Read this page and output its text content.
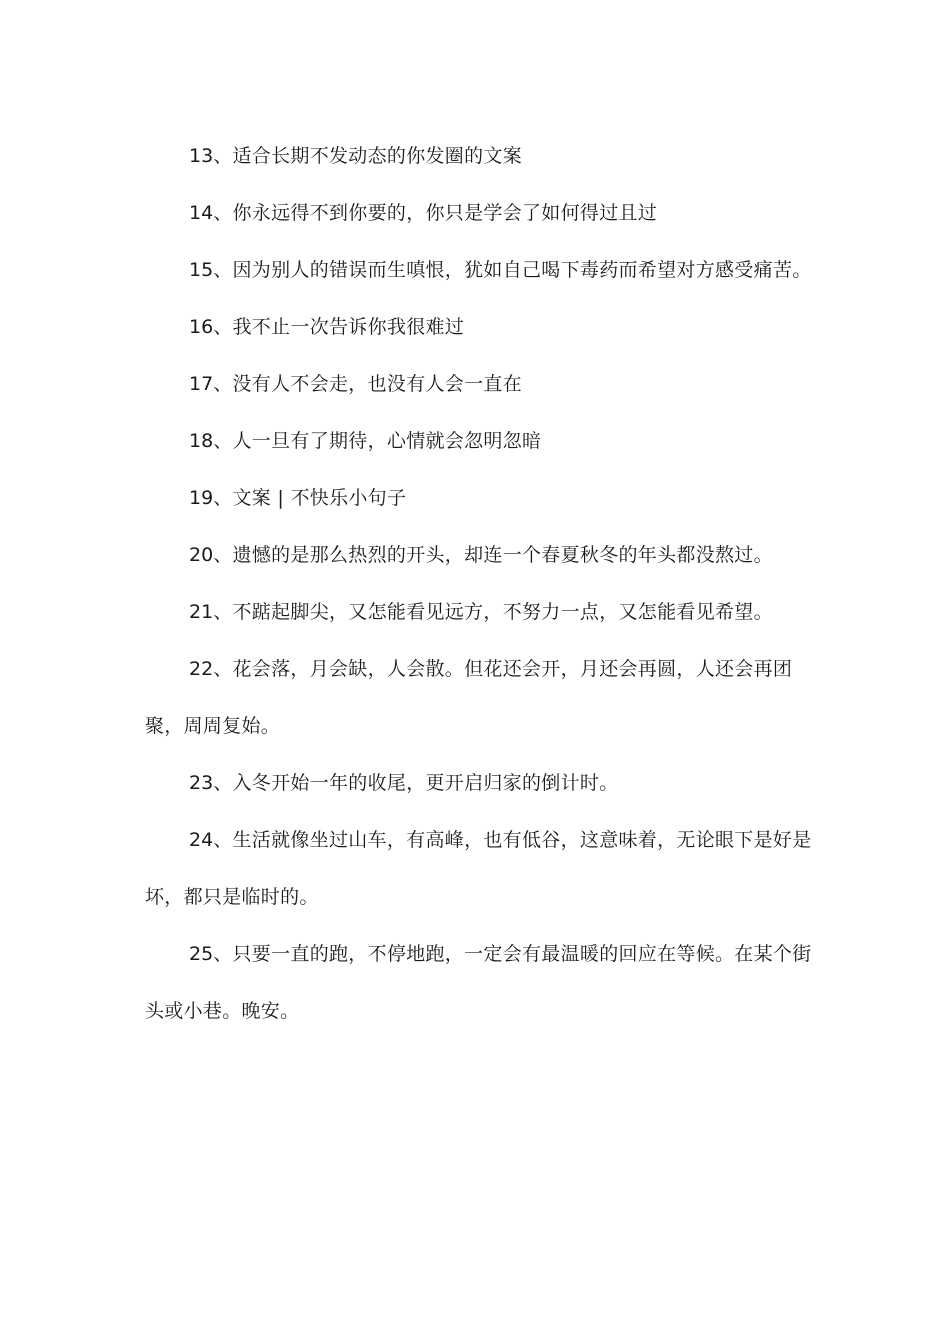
13、适合长期不发动态的你发圈的文案

14、你永远得不到你要的，你只是学会了如何得过且过

15、因为别人的错误而生嗔恨，犹如自己喝下毒药而希望对方感受痛苦。

16、我不止一次告诉你我很难过

17、没有人不会走，也没有人会一直在

18、人一旦有了期待，心情就会忽明忽暗

19、文案 | 不快乐小句子

20、遗憾的是那么热烈的开头，却连一个春夏秋冬的年头都没熬过。

21、不踮起脚尖，又怎能看见远方，不努力一点，又怎能看见希望。

22、花会落，月会缺，人会散。但花还会开，月还会再圆，人还会再团聚，周周复始。

23、入冬开始一年的收尾，更开启归家的倒计时。

24、生活就像坐过山车，有高峰，也有低谷，这意味着，无论眼下是好是坏，都只是临时的。

25、只要一直的跑，不停地跑，一定会有最温暖的回应在等候。在某个街头或小巷。晚安。
